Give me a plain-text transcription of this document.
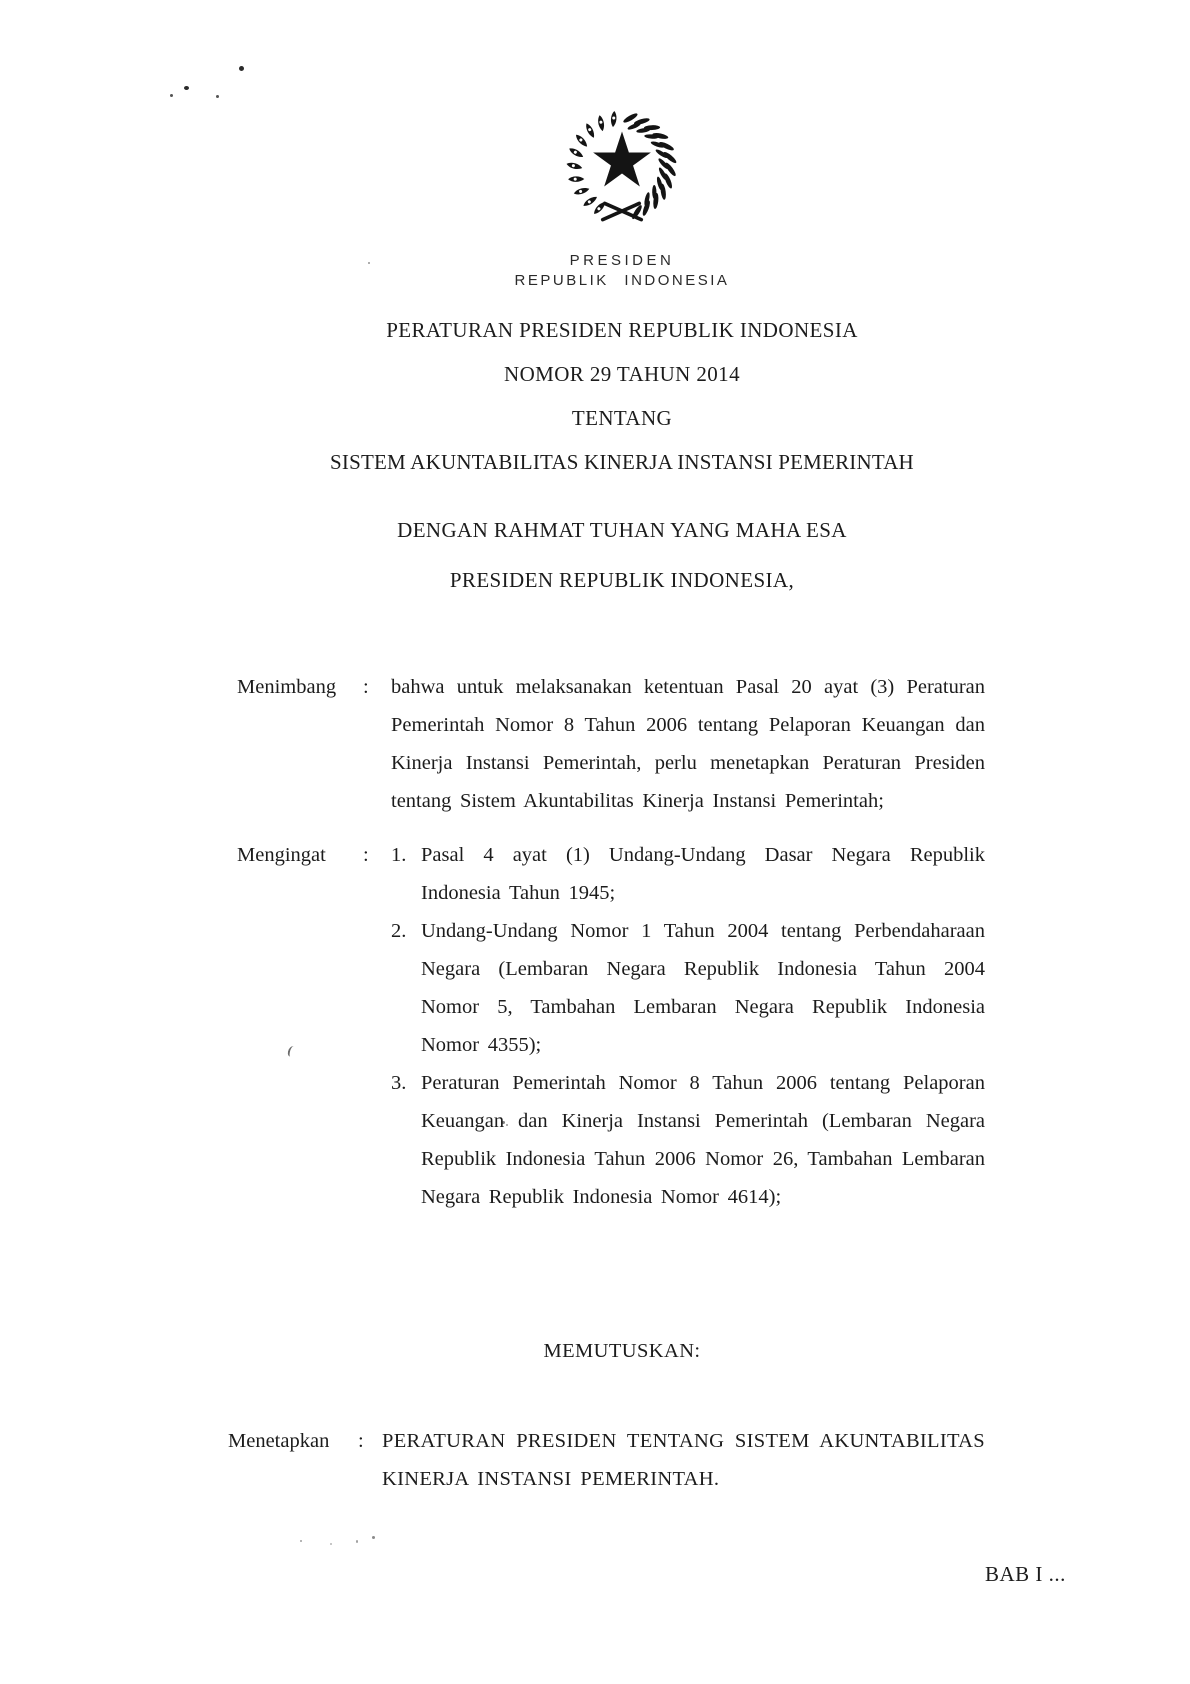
PRESIDEN
REPUBLIK INDONESIA
PERATURAN PRESIDEN REPUBLIK INDONESIA
NOMOR 29 TAHUN 2014
TENTANG
SISTEM AKUNTABILITAS KINERJA INSTANSI PEMERINTAH
DENGAN RAHMAT TUHAN YANG MAHA ESA
PRESIDEN REPUBLIK INDONESIA,
Menimbang	:	bahwa untuk melaksanakan ketentuan Pasal 20 ayat (3) Peraturan Pemerintah Nomor 8 Tahun 2006 tentang Pelaporan Keuangan dan Kinerja Instansi Pemerintah, perlu menetapkan Peraturan Presiden tentang Sistem Akuntabilitas Kinerja Instansi Pemerintah;
Mengingat	:	1. Pasal 4 ayat (1) Undang-Undang Dasar Negara Republik Indonesia Tahun 1945;
2. Undang-Undang Nomor 1 Tahun 2004 tentang Perbendaharaan Negara (Lembaran Negara Republik Indonesia Tahun 2004 Nomor 5, Tambahan Lembaran Negara Republik Indonesia Nomor 4355);
3. Peraturan Pemerintah Nomor 8 Tahun 2006 tentang Pelaporan Keuangan dan Kinerja Instansi Pemerintah (Lembaran Negara Republik Indonesia Tahun 2006 Nomor 26, Tambahan Lembaran Negara Republik Indonesia Nomor 4614);
MEMUTUSKAN:
Menetapkan	: PERATURAN PRESIDEN TENTANG SISTEM AKUNTABILITAS KINERJA INSTANSI PEMERINTAH.
BAB I ...
